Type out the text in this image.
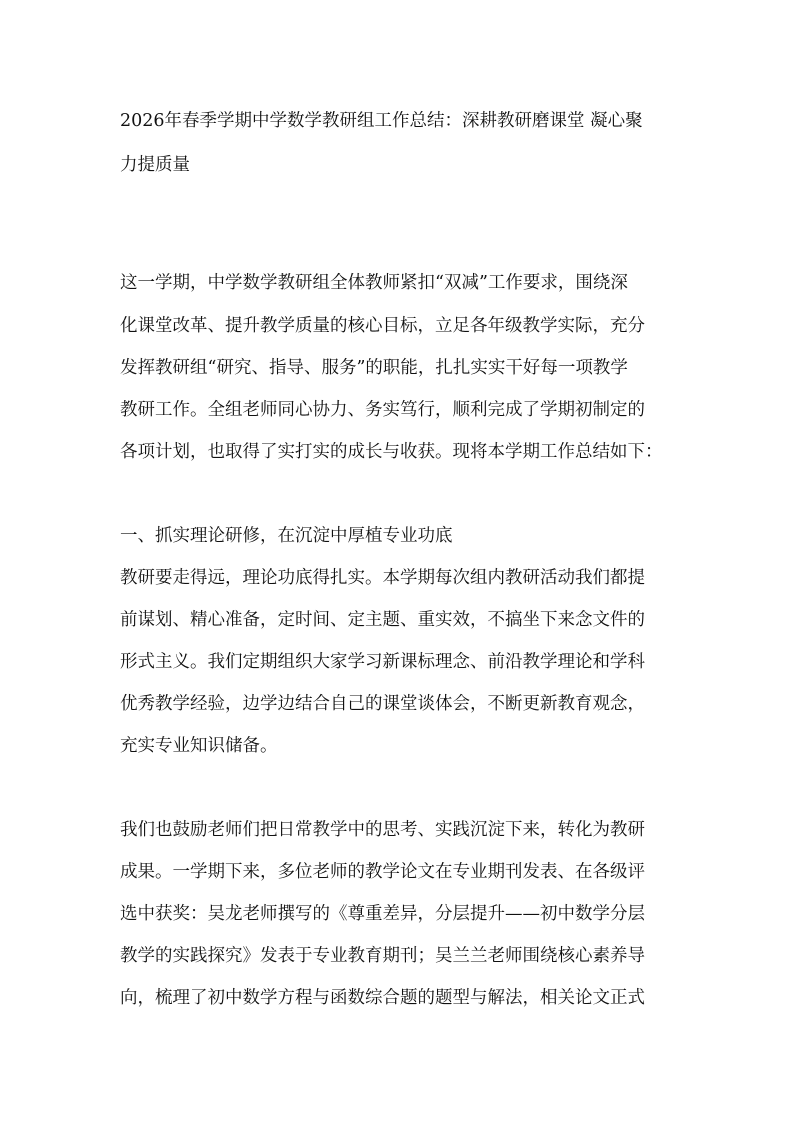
2026年春季学期中学数学教研组工作总结：深耕教研磨课堂 凝心聚

力提质量

这一学期，中学数学教研组全体教师紧扣“双减”工作要求，围绕深

化课堂改革、提升教学质量的核心目标，立足各年级教学实际，充分

发挥教研组“研究、指导、服务”的职能，扎扎实实干好每一项教学

教研工作。全组老师同心协力、务实笃行，顺利完成了学期初制定的

各项计划，也取得了实打实的成长与收获。现将本学期工作总结如下：

一、抓实理论研修，在沉淀中厚植专业功底

教研要走得远，理论功底得扎实。本学期每次组内教研活动我们都提

前谋划、精心准备，定时间、定主题、重实效，不搞坐下来念文件的

形式主义。我们定期组织大家学习新课标理念、前沿教学理论和学科

优秀教学经验，边学边结合自己的课堂谈体会，不断更新教育观念，

充实专业知识储备。

我们也鼓励老师们把日常教学中的思考、实践沉淀下来，转化为教研

成果。一学期下来，多位老师的教学论文在专业期刊发表、在各级评

选中获奖：吴龙老师撰写的《尊重差异，分层提升——初中数学分层

教学的实践探究》发表于专业教育期刊；吴兰兰老师围绕核心素养导

向，梳理了初中数学方程与函数综合题的题型与解法，相关论文正式
